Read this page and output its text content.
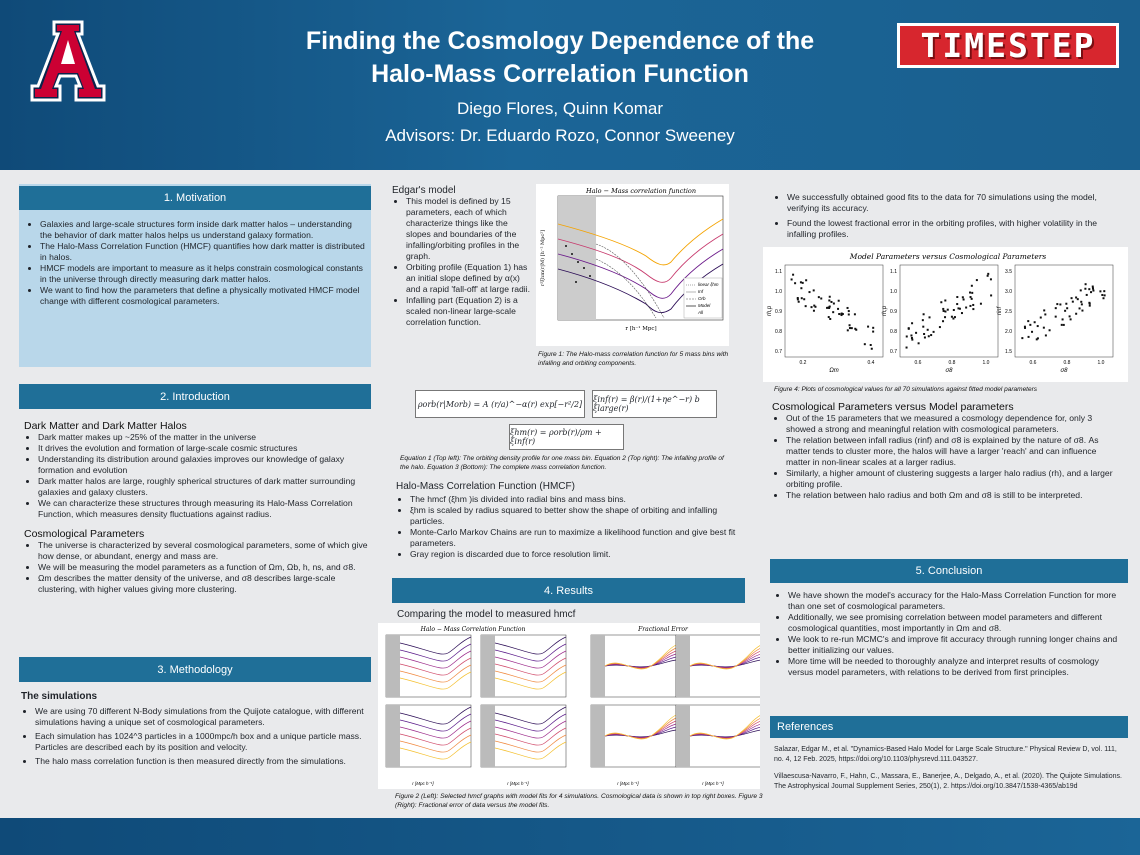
Finding the Cosmology Dependence of the
Halo-Mass Correlation Function
Diego Flores, Quinn Komar
Advisors: Dr. Eduardo Rozo, Connor Sweeney
TIMESTEP
1. Motivation
• Galaxies and large-scale structures form inside dark matter halos – understanding the behavior of dark matter halos helps us understand galaxy formation.
• The Halo-Mass Correlation Function (HMCF) quantifies how dark matter is distributed in halos.
• HMCF models are important to measure as it helps constrain cosmological constants in the universe through directly measuring dark matter halos.
• We want to find how the parameters that define a physically motivated HMCF model change with different cosmological parameters.
2. Introduction
Dark Matter and Dark Matter Halos
• Dark matter makes up ~25% of the matter in the universe
• It drives the evolution and formation of large-scale cosmic structures
• Understanding its distribution around galaxies improves our knowledge of galaxy formation and evolution
• Dark matter halos are large, roughly spherical structures of dark matter surrounding galaxies and galaxy clusters.
• We can characterize these structures through measuring its Halo-Mass Correlation Function, which measures density fluctuations against radius.
Cosmological Parameters
• The universe is characterized by several cosmological parameters, some of which give how dense, or abundant, energy and mass are.
• We will be measuring the model parameters as a function of Ωm, Ωb, h, ns, and σ8.
• Ωm describes the matter density of the universe, and σ8 describes large-scale clustering, with higher values giving more clustering.
3. Methodology
The simulations
• We are using 70 different N-Body simulations from the Quijote catalogue, with different simulations having a unique set of cosmological parameters.
• Each simulation has 1024^3 particles in a 1000mpc/h box and a unique particle mass. Particles are described each by its position and velocity.
• The halo mass correlation function is then measured directly from the simulations.
Edgar's model
• This model is defined by 15 parameters, each of which characterize things like the slopes and boundaries of the infalling/orbiting profiles in the graph.
• Orbiting profile (Equation 1) has an initial slope defined by α(x) and a rapid 'fall-off' at large radii.
• Infalling part (Equation 2) is a scaled non-linear large-scale correlation function.
Halo − Mass correlation function
linear ξhm
Inf
Orb
Model
All
r [h⁻¹ Mpc]
r²ξhm(r|M) [h⁻² Mpc²]
Figure 1: The Halo-mass correlation function for 5 mass bins with infalling and orbiting components.
ρorb(r|Morb) = A (r/a)^−α(r) exp[−r²/2]	ξinf(r) = β(r)/(1+ηe^−r) b ξlarge(r)
ξhm(r) = ρorb(r)/ρm + ξinf(r)
Equation 1 (Top left): The orbiting density profile for one mass bin. Equation 2 (Top right): The infalling profile of the halo. Equation 3 (Bottom): The complete mass correlation function.
Halo-Mass Correlation Function (HMCF)
• The hmcf (ξhm )is divided into radial bins and mass bins.
• ξhm is scaled by radius squared to better show the shape of orbiting and infalling particles.
• Monte-Carlo Markov Chains are run to maximize a likelihood function and give best fit parameters.
• Gray region is discarded due to force resolution limit.
4. Results
Comparing the model to measured hmcf
Halo − Mass Correlation Function	Fractional Error
r [Mpc h⁻¹]	r [Mpc h⁻¹]	r [Mpc h⁻¹]	r [Mpc h⁻¹]
Figure 2 (Left): Selected hmcf graphs with model fits for 4 simulations. Cosmological data is shown in top right boxes. Figure 3 (Right): Fractional error of data versus the model fits.
• We successfully obtained good fits to the data for 70 simulations using the model, verifying its accuracy.
• Found the lowest fractional error in the orbiting profiles, with higher volatility in the infalling profiles.
Model Parameters versus Cosmological Parameters
1.1
1.0
0.9
0.8
0.7
0.2	0.4
Ωm
rh,p
1.1
1.0
0.9
0.8
0.7
0.6	0.8	1.0
σ8
rh,p
3.5
3.0
2.5
2.0
1.5
0.6	0.8	1.0
σ8
rinf
Figure 4: Plots of cosmological values for all 70 simulations against fitted model parameters
Cosmological Parameters versus Model parameters
• Out of the 15 parameters that we measured a cosmology dependence for, only 3 showed a strong and meaningful relation with cosmological parameters.
• The relation between infall radius (rinf) and σ8 is explained by the nature of σ8. As matter tends to cluster more, the halos will have a larger 'reach' and can influence matter in non-linear scales at a larger radius.
• Similarly, a higher amount of clustering suggests a larger halo radius (rh), and a larger orbiting profile.
• The relation between halo radius and both Ωm and σ8 is still to be interpreted.
5. Conclusion
• We have shown the model's accuracy for the Halo-Mass Correlation Function for more than one set of cosmological parameters.
• Additionally, we see promising correlation between model parameters and different cosmological quantities, most importantly in Ωm and σ8.
• We look to re-run MCMC's and improve fit accuracy through running longer chains and better initializing our values.
• More time will be needed to thoroughly analyze and interpret results of cosmology versus model parameters, with relations to be derived from first principles.
References
Salazar, Edgar M., et al. "Dynamics-Based Halo Model for Large Scale Structure." Physical Review D, vol. 111, no. 4, 12 Feb. 2025, https://doi.org/10.1103/physrevd.111.043527.
Villaescusa-Navarro, F., Hahn, C., Massara, E., Banerjee, A., Delgado, A., et al. (2020). The Quijote Simulations. The Astrophysical Journal Supplement Series, 250(1), 2. https://doi.org/10.3847/1538-4365/ab19d
